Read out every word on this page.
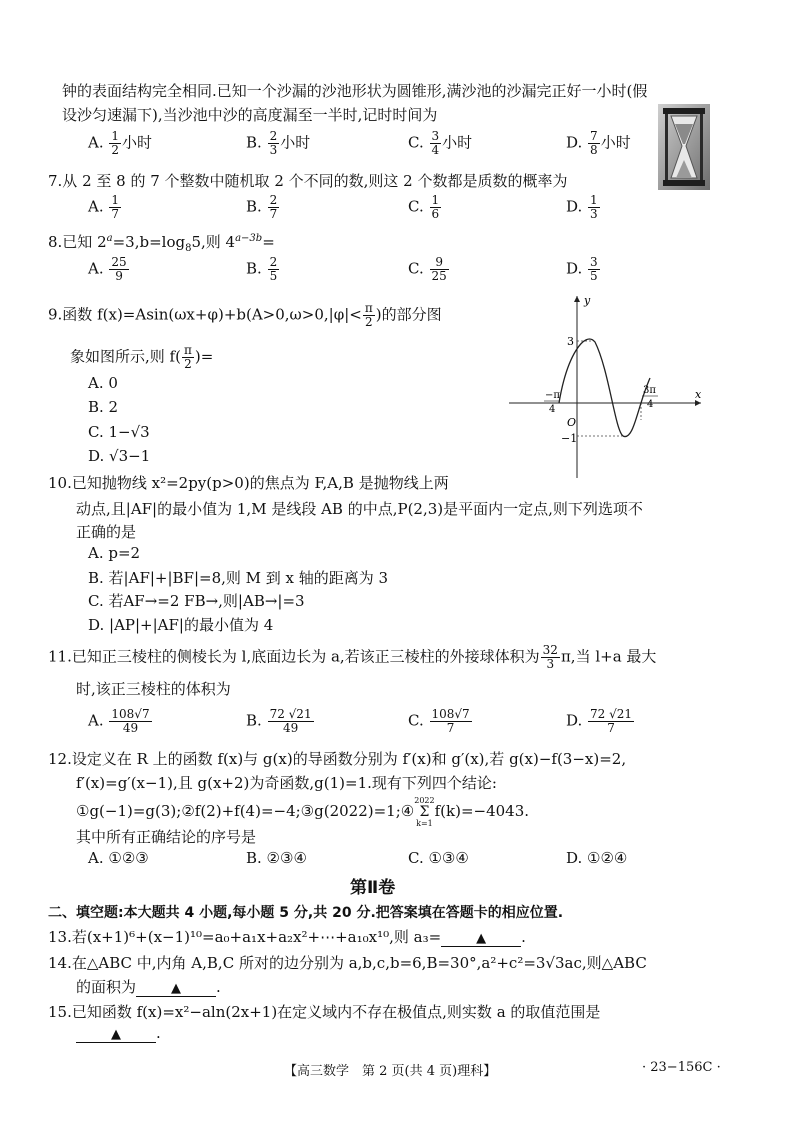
钟的表面结构完全相同.已知一个沙漏的沙池形状为圆锥形,满沙池的沙漏完正好一小时(假
设沙匀速漏下),当沙池中沙的高度漏至一半时,记时时间为
A. $\frac{1}{2}$ 小时	B. $\frac{2}{3}$ 小时	C. $\frac{3}{4}$ 小时	D. $\frac{7}{8}$ 小时
7.从 2 至 8 的 7 个整数中随机取 2 个不同的数,则这 2 个数都是质数的概率为
A. $\frac{1}{7}$	B. $\frac{2}{7}$	C. $\frac{1}{6}$	D. $\frac{1}{3}$
8.已知 $2^a=3,b=\log_85$,则 $4^{a-3b}=$
A. $\frac{25}{9}$	B. $\frac{2}{5}$	C. $\frac{9}{25}$	D. $\frac{3}{5}$
9.函数 $f(x)=Asin(\omega x+\varphi)+b(A>0,\omega>0,|\varphi|< \frac{\pi}{2}$ )的部分图
象如图所示,则 $f( \frac{\pi}{2}$ )=
A. 0
B. 2
C. 1−√3
D. √3−1
y
x
O
3
−1
−π
4
3π
4
10.已知抛物线 x²=2py(p>0)的焦点为 F,A,B 是抛物线上两
动点,且|AF|的最小值为 1,M 是线段 AB 的中点,P(2,3)是平面内一定点,则下列选项不
正确的是
A. p=2
B. 若|AF|+|BF|=8,则 M 到 x 轴的距离为 3
C. 若AF→=2 FB→,则|AB→|=3
D. |AP|+|AF|的最小值为 4
11.已知正三棱柱的侧棱长为 l,底面边长为 a,若该正三棱柱的外接球体积为 $\frac{32}{3} \pi$,当 l+a 最大
时,该正三棱柱的体积为
A. $\frac{108√7}{49}$	B. $\frac{72 √21}{49}$	C. $\frac{108√7}{7}$	D. $\frac{72 √21}{7}$
12.设定义在 R 上的函数 f(x)与 g(x)的导函数分别为 f′(x)和 g′(x),若 g(x)−f(3−x)=2,
f′(x)=g′(x−1),且 g(x+2)为奇函数,g(1)=1.现有下列四个结论:
①g(−1)=g(3);②f(2)+f(4)=−4;③g(2022)=1;④
2022
Σ
k=1
f(k)=−4043.
其中所有正确结论的序号是
A. ①②③	B. ②③④	C. ①③④	D. ①②④
第Ⅱ卷
二、填空题:本大题共 4 小题,每小题 5 分,共 20 分.把答案填在答题卡的相应位置.
13.若(x+1)⁶+(x−1)¹⁰=a₀+a₁x+a₂x²+⋯+a₁₀x¹⁰,则 a₃=	▲ .
14.在△ABC 中,内角 A,B,C 所对的边分别为 a,b,c,b=6,B=30°,a²+c²=3√3ac,则△ABC
的面积为	▲ .
15.已知函数 f(x)=x²−aln(2x+1)在定义域内不存在极值点,则实数 a 的取值范围是
▲ .
【高三数学　第 2 页(共 4 页)理科】	· 23−156C ·
